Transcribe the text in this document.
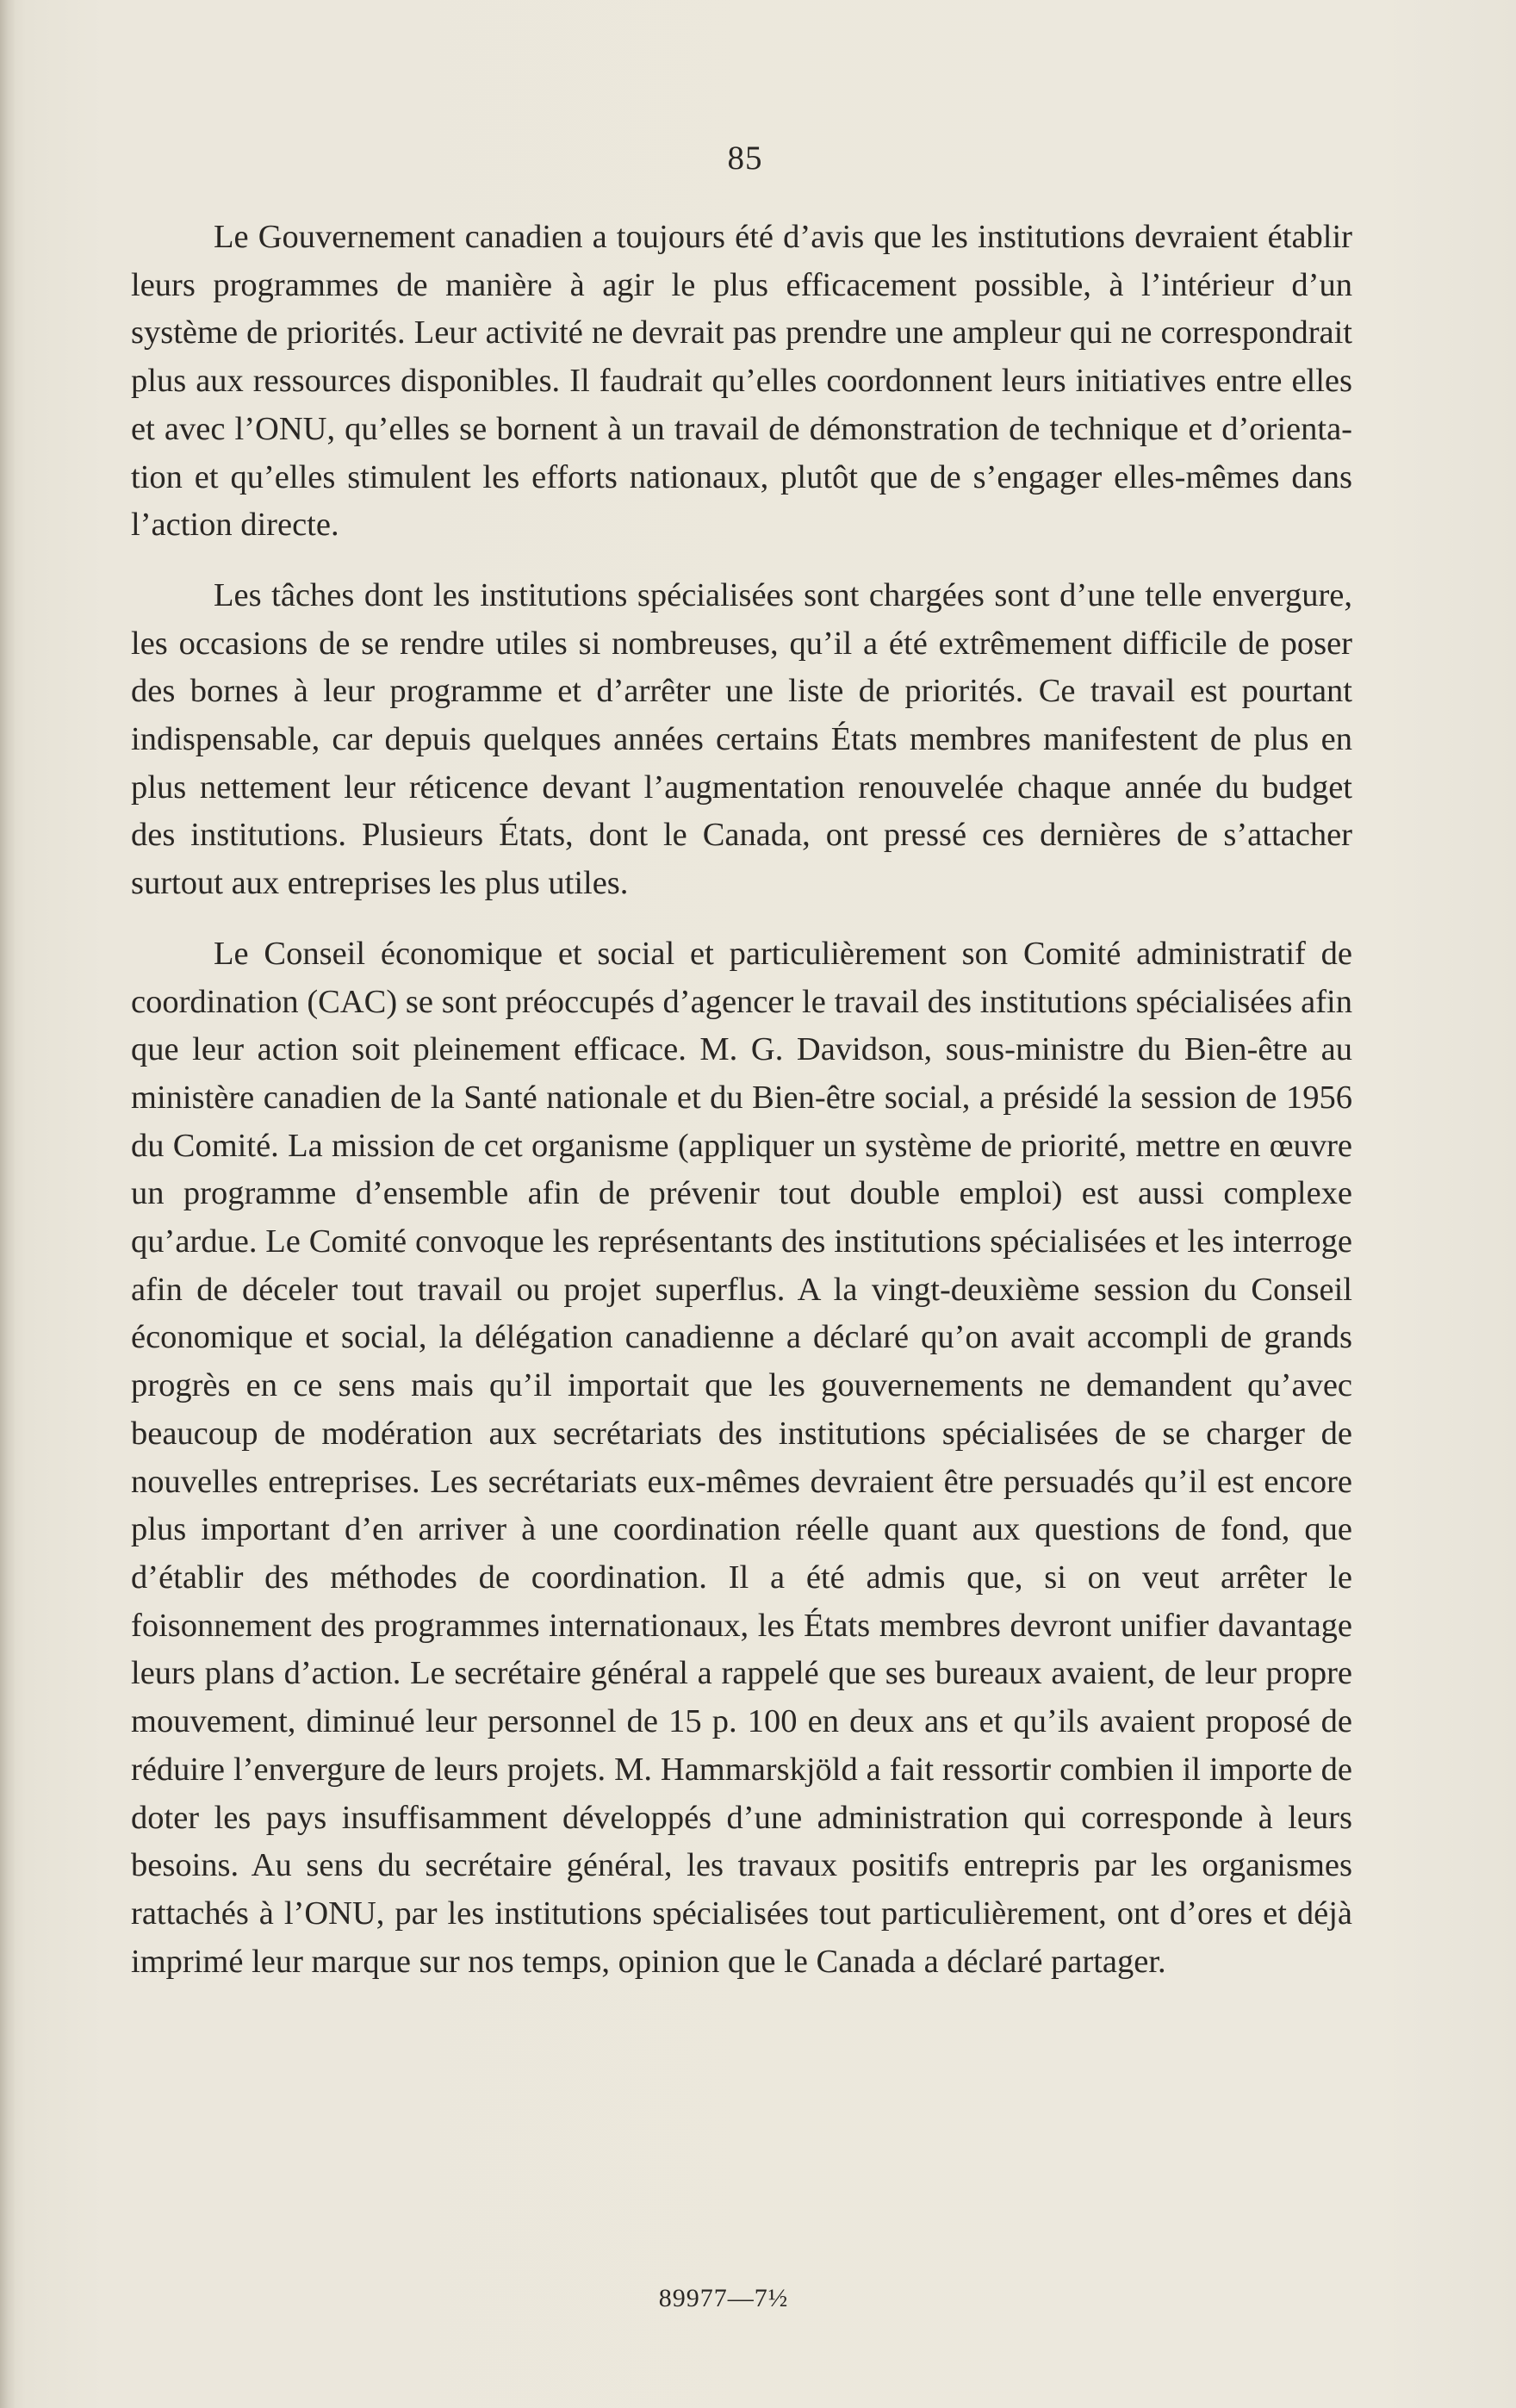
85

Le Gouvernement canadien a toujours été d’avis que les institutions devraient établir leurs programmes de manière à agir le plus efficacement possible, à l’intérieur d’un système de priorités. Leur activité ne devrait pas prendre une ampleur qui ne correspondrait plus aux ressources disponibles. Il faudrait qu’elles coordonnent leurs initiatives entre elles et avec l’ONU, qu’elles se bornent à un travail de démonstration de technique et d’orientation et qu’elles stimulent les efforts nationaux, plutôt que de s’engager elles-mêmes dans l’action directe.

Les tâches dont les institutions spécialisées sont chargées sont d’une telle envergure, les occasions de se rendre utiles si nombreuses, qu’il a été extrêmement difficile de poser des bornes à leur programme et d’arrêter une liste de priorités. Ce travail est pourtant indispensable, car depuis quelques années certains États membres manifestent de plus en plus nettement leur réticence devant l’augmentation renouvelée chaque année du budget des institutions. Plusieurs États, dont le Canada, ont pressé ces dernières de s’attacher surtout aux entreprises les plus utiles.

Le Conseil économique et social et particulièrement son Comité administratif de coordination (CAC) se sont préoccupés d’agencer le travail des institutions spécialisées afin que leur action soit pleinement efficace. M. G. Davidson, sous-ministre du Bien-être au ministère canadien de la Santé nationale et du Bien-être social, a présidé la session de 1956 du Comité. La mission de cet organisme (appliquer un système de priorité, mettre en œuvre un programme d’ensemble afin de prévenir tout double emploi) est aussi complexe qu’ardue. Le Comité convoque les représentants des institutions spécialisées et les interroge afin de déceler tout travail ou projet superflus. A la vingt-deuxième session du Conseil économique et social, la délégation canadienne a déclaré qu’on avait accompli de grands progrès en ce sens mais qu’il importait que les gouvernements ne demandent qu’avec beaucoup de modération aux secrétariats des institutions spécialisées de se charger de nouvelles entreprises. Les secrétariats eux-mêmes devraient être persuadés qu’il est encore plus important d’en arriver à une coordination réelle quant aux questions de fond, que d’établir des méthodes de coordination. Il a été admis que, si on veut arrêter le foisonnement des programmes internationaux, les États membres devront unifier davantage leurs plans d’action. Le secrétaire général a rappelé que ses bureaux avaient, de leur propre mouvement, diminué leur personnel de 15 p. 100 en deux ans et qu’ils avaient proposé de réduire l’envergure de leurs projets. M. Hammarskjöld a fait ressortir combien il importe de doter les pays insuffisamment développés d’une administration qui corresponde à leurs besoins. Au sens du secrétaire général, les travaux positifs entrepris par les organismes rattachés à l’ONU, par les institutions spécialisées tout particulièrement, ont d’ores et déjà imprimé leur marque sur nos temps, opinion que le Canada a déclaré partager.

89977—7½
